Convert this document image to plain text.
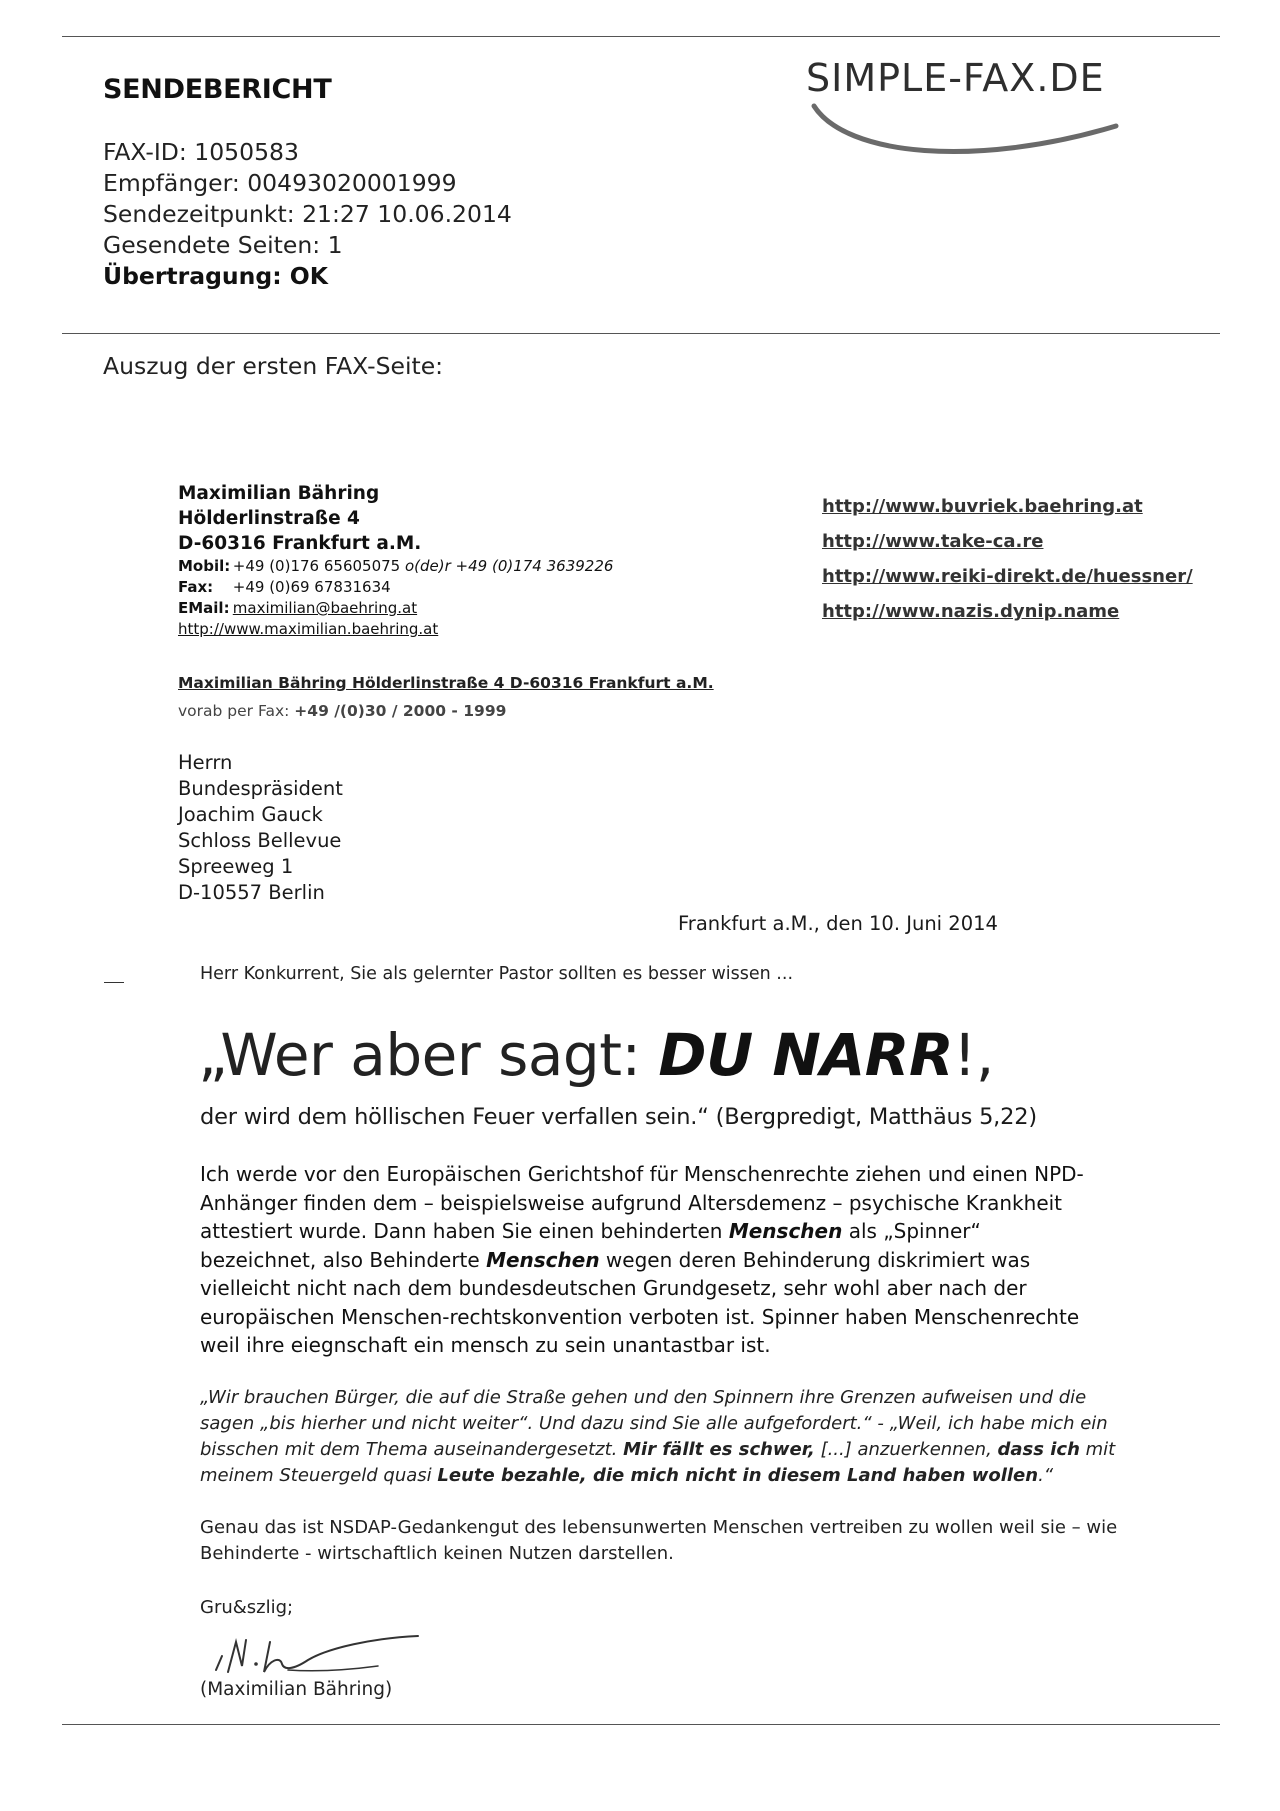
SENDEBERICHT
FAX-ID: 1050583
Empfänger: 00493020001999
Sendezeitpunkt: 21:27 10.06.2014
Gesendete Seiten: 1
Übertragung: OK
SIMPLE-FAX.DE
Auszug der ersten FAX-Seite:
Maximilian Bähring
Hölderlinstraße 4
D-60316 Frankfurt a.M.
Mobil: +49 (0)176 65605075 o(de)r +49 (0)174 3639226
Fax: +49 (0)69 67831634
EMail: maximilian@baehring.at
http://www.maximilian.baehring.at
http://www.buvriek.baehring.at
http://www.take-ca.re
http://www.reiki-direkt.de/huessner/
http://www.nazis.dynip.name
Maximilian Bähring Hölderlinstraße 4 D-60316 Frankfurt a.M.
vorab per Fax: +49 /(0)30 / 2000 - 1999
Herrn
Bundespräsident
Joachim Gauck
Schloss Bellevue
Spreeweg 1
D-10557 Berlin
Frankfurt a.M., den 10. Juni 2014
Herr Konkurrent, Sie als gelernter Pastor sollten es besser wissen ...
„Wer aber sagt: DU NARR!,
der wird dem höllischen Feuer verfallen sein.“ (Bergpredigt, Matthäus 5,22)
Ich werde vor den Europäischen Gerichtshof für Menschenrechte ziehen und einen NPD-Anhänger finden dem – beispielsweise aufgrund Altersdemenz – psychische Krankheit attestiert wurde. Dann haben Sie einen behinderten Menschen als „Spinner“ bezeichnet, also Behinderte Menschen wegen deren Behinderung diskrimiert was vielleicht nicht nach dem bundesdeutschen Grundgesetz, sehr wohl aber nach der europäischen Menschen-rechtskonvention verboten ist. Spinner haben Menschenrechte weil ihre eiegnschaft ein mensch zu sein unantastbar ist.
„Wir brauchen Bürger, die auf die Straße gehen und den Spinnern ihre Grenzen aufweisen und die sagen „bis hierher und nicht weiter“. Und dazu sind Sie alle aufgefordert.“ - „Weil, ich habe mich ein bisschen mit dem Thema auseinandergesetzt. Mir fällt es schwer, [...] anzuerkennen, dass ich mit meinem Steuergeld quasi Leute bezahle, die mich nicht in diesem Land haben wollen.“
Genau das ist NSDAP-Gedankengut des lebensunwerten Menschen vertreiben zu wollen weil sie – wie Behinderte - wirtschaftlich keinen Nutzen darstellen.
Gru&szlig;
(Maximilian Bähring)
